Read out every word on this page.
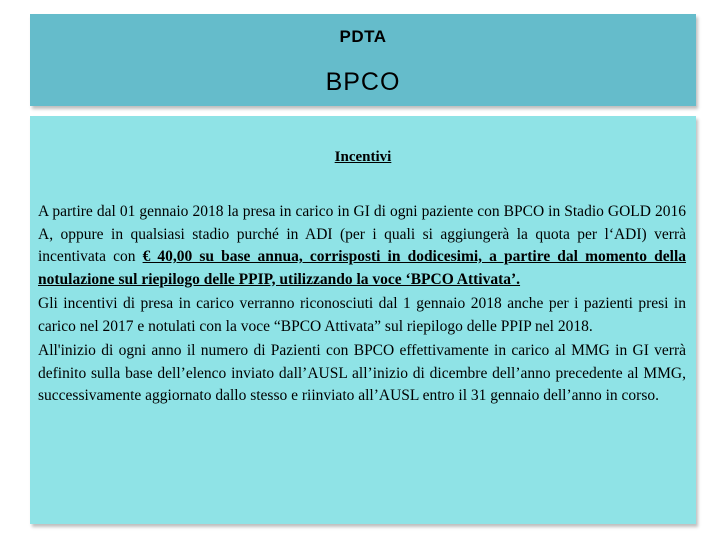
PDTA
BPCO
Incentivi

A partire dal 01 gennaio 2018 la presa in carico in GI di ogni paziente con BPCO in Stadio GOLD 2016 A, oppure in qualsiasi stadio purché in ADI (per i quali si aggiungerà la quota per l‘ADI) verrà incentivata con € 40,00 su base annua, corrisposti in dodicesimi, a partire dal momento della notulazione sul riepilogo delle PPIP, utilizzando la voce ‘BPCO Attivata’.

Gli incentivi di presa in carico verranno riconosciuti dal 1 gennaio 2018 anche per i pazienti presi in carico nel 2017 e notulati con la voce “BPCO Attivata” sul riepilogo delle PPIP nel 2018.

All'inizio di ogni anno il numero di Pazienti con BPCO effettivamente in carico al MMG in GI verrà definito sulla base dell’elenco inviato dall’AUSL all’inizio di dicembre dell’anno precedente al MMG, successivamente aggiornato dallo stesso e riinviato all’AUSL entro il 31 gennaio dell’anno in corso.
